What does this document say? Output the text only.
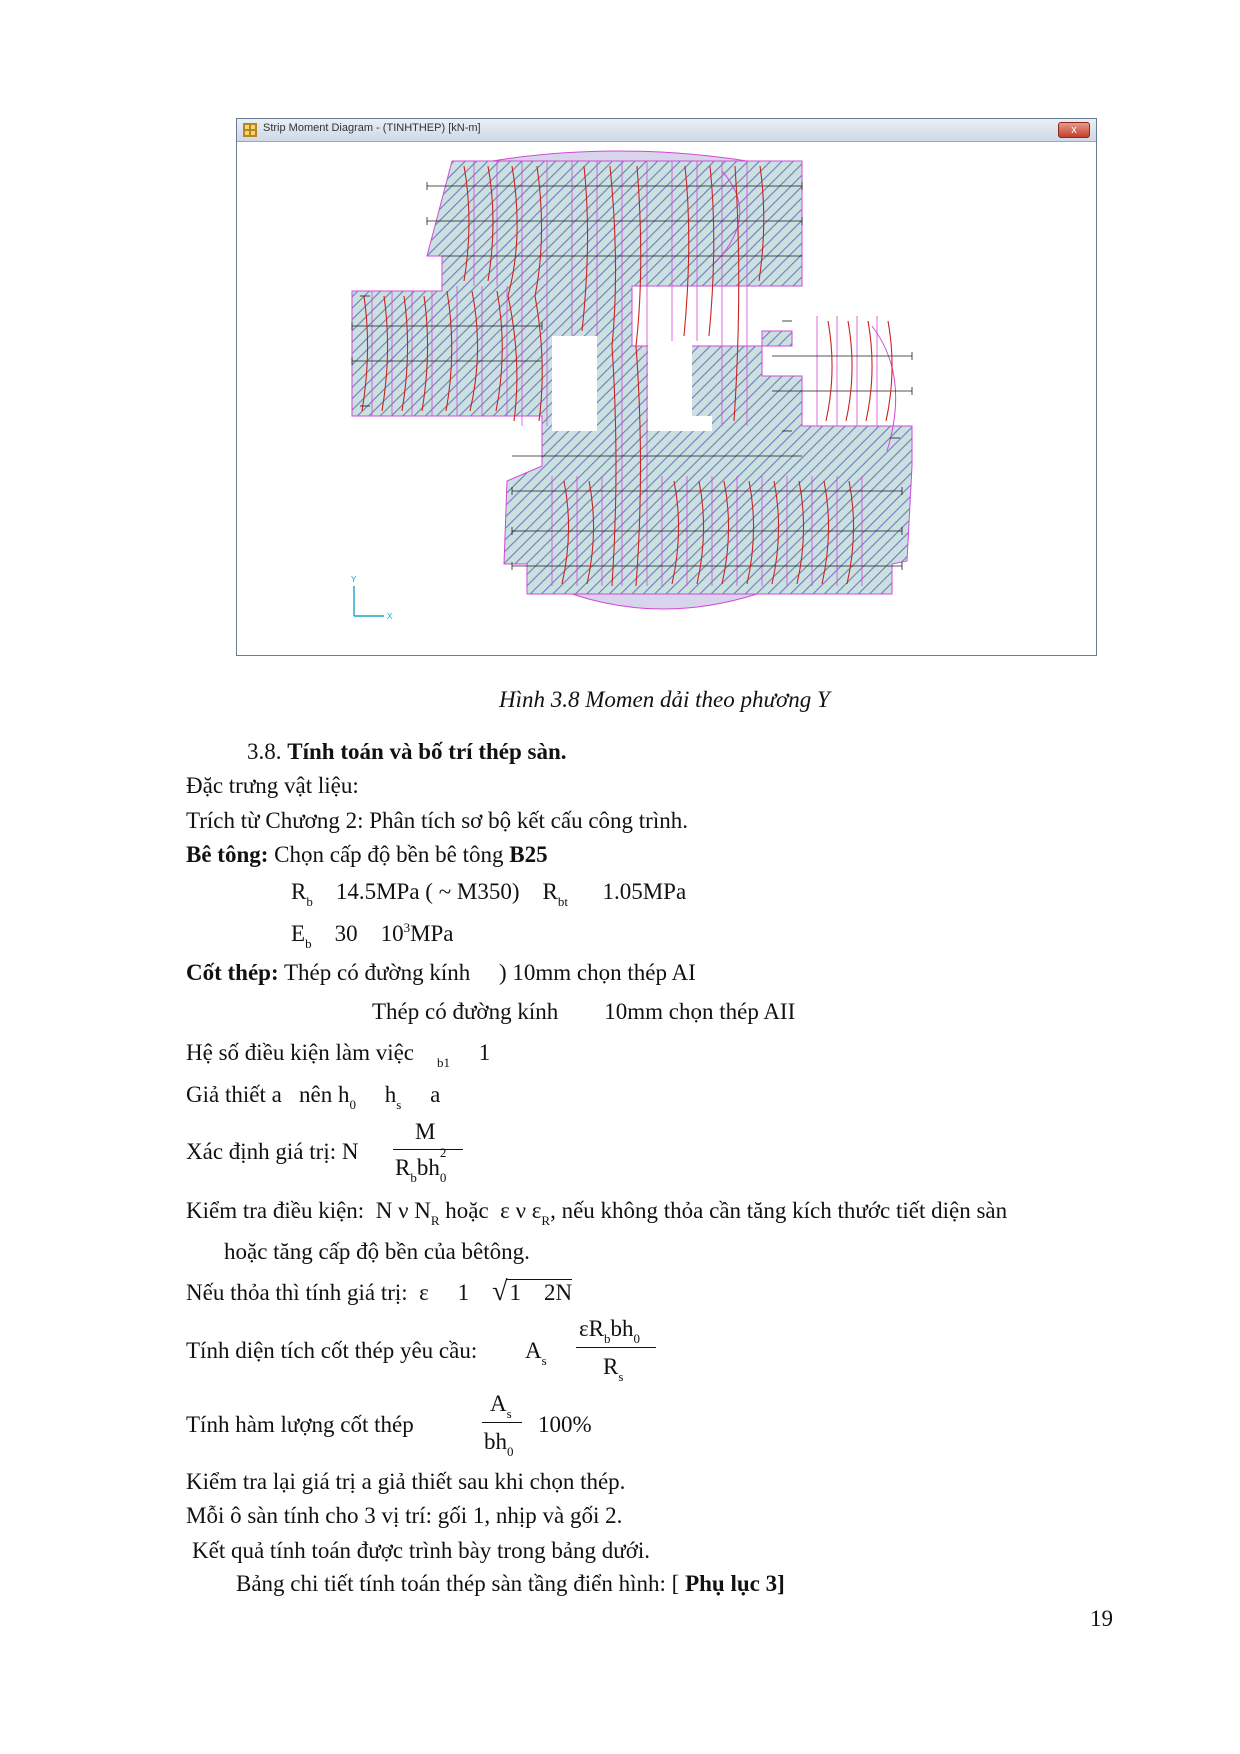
Strip Moment Diagram - (TINHTHEP) [kN-m]	x
Y
X
Hình 3.8 Momen dải theo phương Y
3.8. Tính toán và bố trí thép sàn.
Đặc trưng vật liệu:
Trích từ Chương 2: Phân tích sơ bộ kết cấu công trình.
Bê tông: Chọn cấp độ bền bê tông B25
$R_b$ 14.5MPa ( ~ M350) $R_{bt}$ 1.05MPa
$E_b$ 30 $10^3MPa$
Cốt thép: Thép có đường kính ) 10mm chọn thép AI
Thép có đường kính 10mm chọn thép AII
Hệ số điều kiện làm việc $_{b1}$ 1
Giả thiết a nên $h_0$ $h_s$ a
Xác định giá trị: N
M
$R_bbh$
2
$_0$
Kiểm tra điều kiện: N ν $N_R$ hoặc ε ν $\varepsilon_R$, nếu không thỏa cần tăng kích thước tiết diện sàn
hoặc tăng cấp độ bền của bêtông.
Nếu thỏa thì tính giá trị: ε 1 √1 2N
Tính diện tích cốt thép yêu cầu: $A_s$
$\varepsilon R_bbh_0$
$R_s$
Tính hàm lượng cốt thép
$A_s$
$bh_0$
100%
Kiểm tra lại giá trị a giả thiết sau khi chọn thép.
Mỗi ô sàn tính cho 3 vị trí: gối 1, nhịp và gối 2.
Kết quả tính toán được trình bày trong bảng dưới.
Bảng chi tiết tính toán thép sàn tầng điển hình: [ Phụ lục 3]
19
